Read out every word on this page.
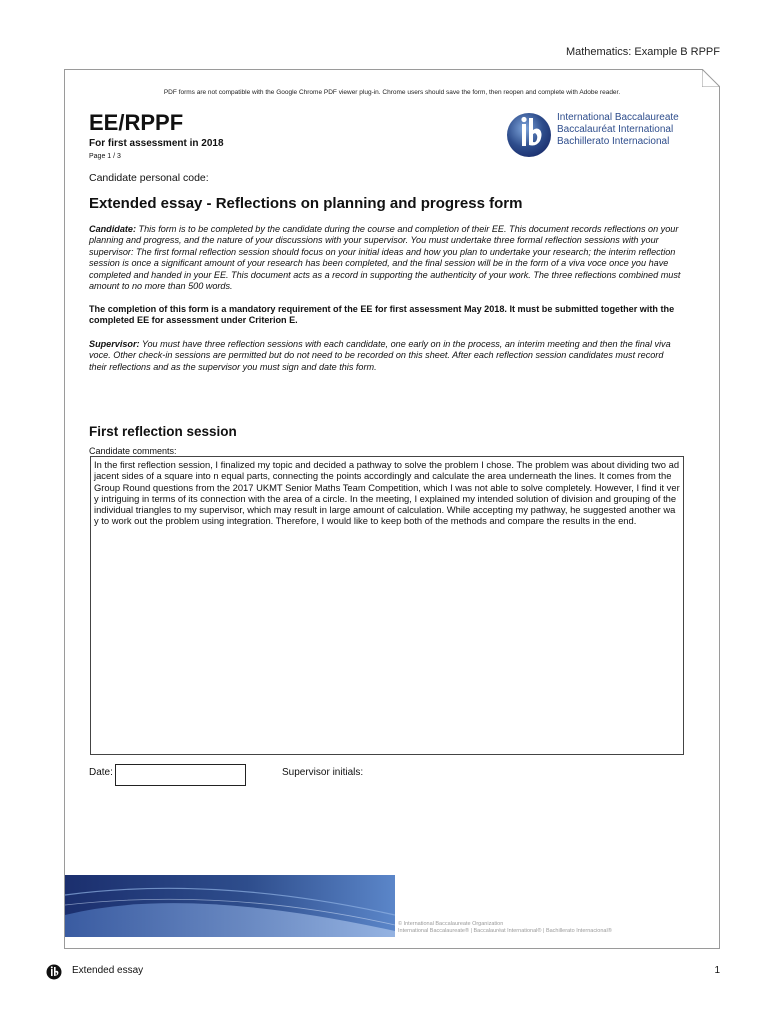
Mathematics: Example B RPPF
PDF forms are not compatible with the Google Chrome PDF viewer plug-in. Chrome users should save the form, then reopen and complete with Adobe reader.
EE/RPPF
For first assessment in 2018
Page 1 / 3
International Baccalaureate
Baccalauréat International
Bachillerato Internacional
Candidate personal code:
Extended essay - Reflections on planning and progress form
Candidate: This form is to be completed by the candidate during the course and completion of their EE. This document records reflections on your planning and progress, and the nature of your discussions with your supervisor. You must undertake three formal reflection sessions with your supervisor: The first formal reflection session should focus on your initial ideas and how you plan to undertake your research; the interim reflection session is once a significant amount of your research has been completed, and the final session will be in the form of a viva voce once you have completed and handed in your EE. This document acts as a record in supporting the authenticity of your work. The three reflections combined must amount to no more than 500 words.
The completion of this form is a mandatory requirement of the EE for first assessment May 2018. It must be submitted together with the completed EE for assessment under Criterion E.
Supervisor: You must have three reflection sessions with each candidate, one early on in the process, an interim meeting and then the final viva voce. Other check-in sessions are permitted but do not need to be recorded on this sheet. After each reflection session candidates must record their reflections and as the supervisor you must sign and date this form.
First reflection session
Candidate comments:
In the first reflection session, I finalized my topic and decided a pathway to solve the problem I chose. The problem was about dividing two adjacent sides of a square into n equal parts, connecting the points accordingly and calculate the area underneath the lines. It comes from the Group Round questions from the 2017 UKMT Senior Maths Team Competition, which I was not able to solve completely. However, I find it very intriguing in terms of its connection with the area of a circle. In the meeting, I explained my intended solution of division and grouping of the individual triangles to my supervisor, which may result in large amount of calculation. While accepting my pathway, he suggested another way to work out the problem using integration. Therefore, I would like to keep both of the methods and compare the results in the end.
Date:	Supervisor initials:
© International Baccalaureate Organization
International Baccalaureate® | Baccalauréat International® | Bachillerato Internacional®
Extended essay	1
